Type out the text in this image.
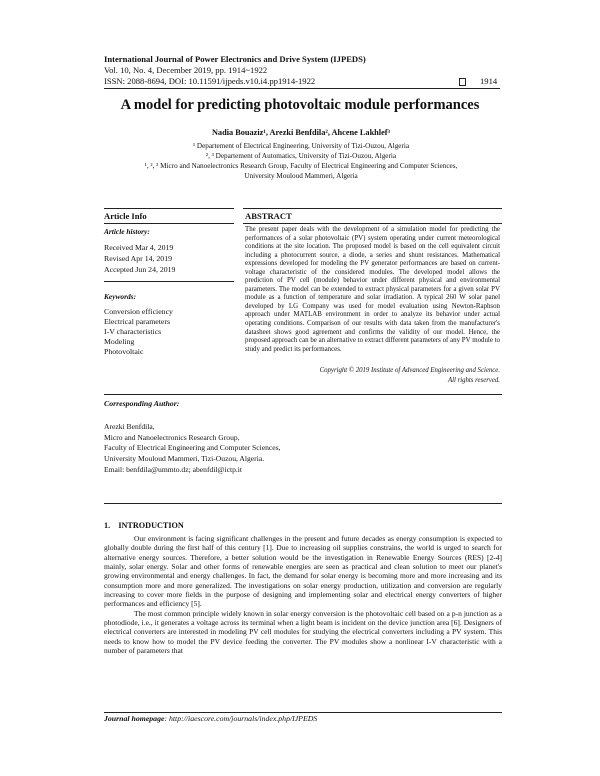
International Journal of Power Electronics and Drive System (IJPEDS)
Vol. 10, No. 4, December 2019, pp. 1914~1922
ISSN: 2088-8694, DOI: 10.11591/ijpeds.v10.i4.pp1914-1922	1914
A model for predicting photovoltaic module performances
Nadia Bouaziz¹, Arezki Benfdila², Ahcene Lakhlef³
¹ Departement of Electrical Engineering, University of Tizi-Ouzou, Algeria
², ³ Departement of Automatics, University of Tizi-Ouzou, Algeria
¹, ², ³ Micro and Nanoelectronics Research Group, Faculty of Electrical Engineering and Computer Sciences,
University Mouloud Mammeri, Algeria
Article Info
Article history:
Received Mar 4, 2019
Revised Apr 14, 2019
Accepted Jun 24, 2019
Keywords:
Conversion efficiency
Electrical parameters
I-V characteristics
Modeling
Photovoltaic
ABSTRACT
The present paper deals with the development of a simulation model for predicting the performances of a solar photovoltaic (PV) system operating under current meteorological conditions at the site location. The proposed model is based on the cell equivalent circuit including a photocurrent source, a diode, a series and shunt resistances. Mathematical expressions developed for modeling the PV generator performances are based on current-voltage characteristic of the considered modules. The developed model allows the prediction of PV cell (module) behavior under different physical and environmental parameters. The model can be extended to extract physical parameters for a given solar PV module as a function of temperature and solar irradiation. A typical 260 W solar panel developed by LG Company was used for model evaluation using Newton-Raphson approach under MATLAB environment in order to analyze its behavior under actual operating conditions. Comparison of our results with data taken from the manufacturer's datasheet shows good agreement and confirms the validity of our model. Hence, the proposed approach can be an alternative to extract different parameters of any PV module to study and predict its performances.
Copyright © 2019 Institute of Advanced Engineering and Science.
All rights reserved.
Corresponding Author:
Arezki Benfdila,
Micro and Nanoelectronics Research Group,
Faculty of Electrical Engineering and Computer Sciences,
University Mouloud Mammeri, Tizi-Ouzou, Algeria.
Email: benfdila@ummto.dz; abenfdil@ictp.it
1.    INTRODUCTION

Our environment is facing significant challenges in the present and future decades as energy consumption is expected to globally double during the first half of this century [1]. Due to increasing oil supplies constrains, the world is urged to search for alternative energy sources. Therefore, a better solution would be the investigation in Renewable Energy Sources (RES) [2-4] mainly, solar energy. Solar and other forms of renewable energies are seen as practical and clean solution to meet our planet's growing environmental and energy challenges. In fact, the demand for solar energy is becoming more and more increasing and its consumption more and more generalized. The investigations on solar energy production, utilization and conversion are regularly increasing to cover more fields in the purpose of designing and implementing solar and electrical energy converters of higher performances and efficiency [5].

The most common principle widely known in solar energy conversion is the photovoltaic cell based on a p-n junction as a photodiode, i.e., it generates a voltage across its terminal when a light beam is incident on the device junction area [6]. Designers of electrical converters are interested in modeling PV cell modules for studying the electrical converters including a PV system. This needs to know how to model the PV device feeding the converter. The PV modules show a nonlinear I-V characteristic with a number of parameters that

Journal homepage: http://iaescore.com/journals/index.php/IJPEDS
